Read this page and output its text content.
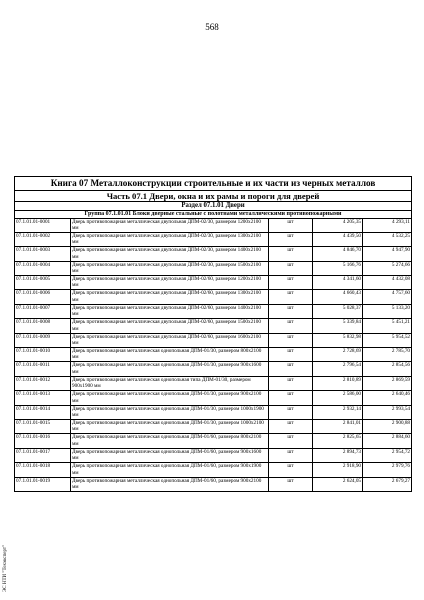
568
ЭС НТИ "Техэксперт"
Книга 07 Металлоконструкции строительные и их части из черных металлов				
Часть 07.1 Двери, окна и их рамы и пороги для дверей				
Раздел 07.1.01 Двери				
Группа 07.1.01.01 Блоки дверные стальные с полотнами металлическими противопожарными				
07.1.01.01-0001	Дверь противопожарная металлическая двупольная ДПМ-02/30, размером 1200х2100 мм	шт	4 205,35	4 293,11
07.1.01.01-0002	Дверь противопожарная металлическая двупольная ДПМ-02/30, размером 1300х2100 мм	шт	4 439,50	4 532,25
07.1.01.01-0003	Дверь противопожарная металлическая двупольная ДПМ-02/30, размером 1400х2100 мм	шт	4 846,70	4 947,90
07.1.01.01-0004	Дверь противопожарная металлическая двупольная ДПМ-02/30, размером 1500х2100 мм	шт	5 166,76	5 274,66
07.1.01.01-0005	Дверь противопожарная металлическая двупольная ДПМ-02/60, размером 1200х2100 мм	шт	4 341,60	4 432,08
07.1.01.01-0006	Дверь противопожарная металлическая двупольная ДПМ-02/60, размером 1300х2100 мм	шт	4 660,43	4 757,60
07.1.01.01-0007	Дверь противопожарная металлическая двупольная ДПМ-02/60, размером 1400х2100 мм	шт	5 028,37	5 133,20
07.1.01.01-0008	Дверь противопожарная металлическая двупольная ДПМ-02/60, размером 1500х2100 мм	шт	5 339,84	5 451,21
07.1.01.01-0009	Дверь противопожарная металлическая двупольная ДПМ-02/60, размером 1600х2100 мм	шт	5 832,98	5 954,52
07.1.01.01-0010	Дверь противопожарная металлическая однопольная ДПМ-01/30, размером 800х2100 мм	шт	2 728,69	2 785,70
07.1.01.01-0011	Дверь противопожарная металлическая однопольная ДПМ-01/30, размером 900х1600 мм	шт	2 796,54	2 854,56
07.1.01.01-0012	Дверь противопожарная металлическая однопольная типа ДПМ-01/30, размером 900х1900 мм	шт	2 810,89	2 869,59
07.1.01.01-0013	Дверь противопожарная металлическая однопольная ДПМ-01/30, размером 900х2100 мм	шт	2 586,00	2 640,46
07.1.01.01-0014	Дверь противопожарная металлическая однопольная ДПМ-01/30, размером 1000х1900 мм	шт	2 932,14	2 993,54
07.1.01.01-0015	Дверь противопожарная металлическая однопольная ДПМ-01/30, размером 1000х2100 мм	шт	2 841,01	2 900,88
07.1.01.01-0016	Дверь противопожарная металлическая однопольная ДПМ-01/60, размером 800х2100 мм	шт	2 825,65	2 884,60
07.1.01.01-0017	Дверь противопожарная металлическая однопольная ДПМ-01/60, размером 900х1600 мм	шт	2 894,73	2 954,72
07.1.01.01-0018	Дверь противопожарная металлическая однопольная ДПМ-01/60, размером 900х1900 мм	шт	2 918,90	2 979,76
07.1.01.01-0019	Дверь противопожарная металлическая однопольная ДПМ-01/60, размером 900х2100 мм	шт	2 624,05	2 679,27
